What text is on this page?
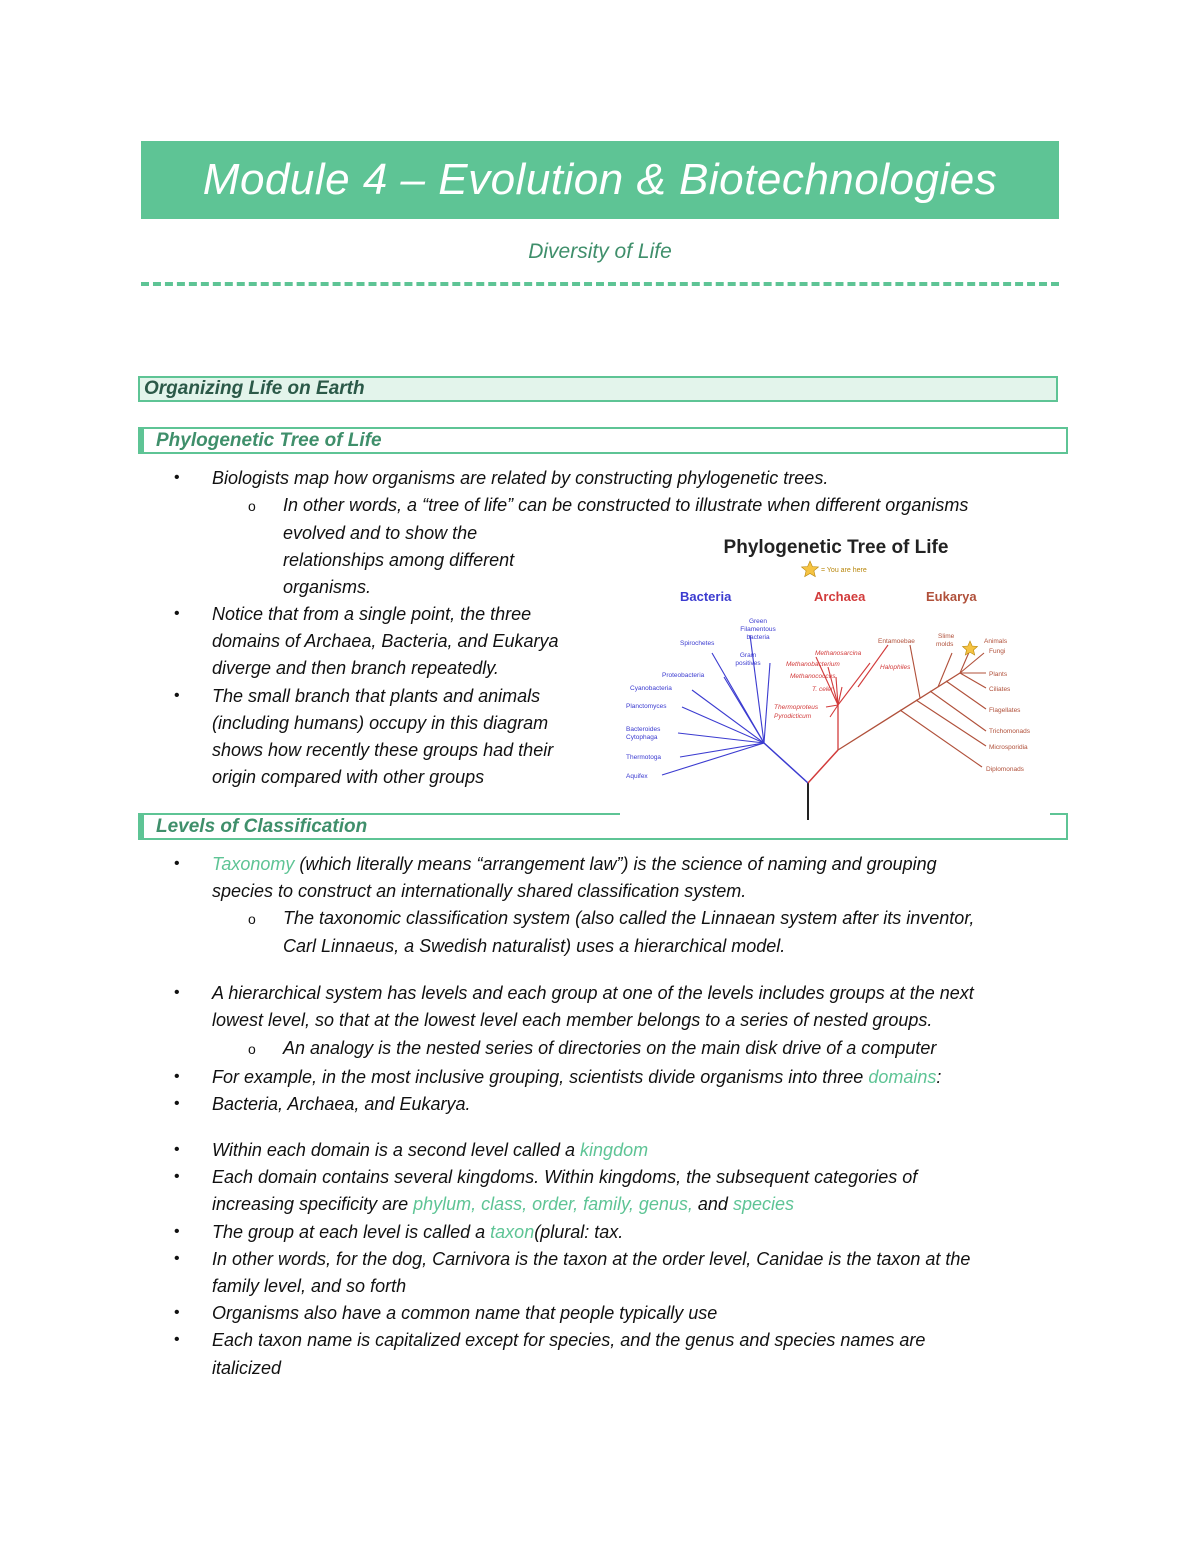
Module 4 – Evolution & Biotechnologies
Diversity of Life
Organizing Life on Earth
Phylogenetic Tree of Life
• Biologists map how organisms are related by constructing phylogenetic trees.
o In other words, a “tree of life” can be constructed to illustrate when different organisms
evolved and to show the
relationships among different
organisms.
• Notice that from a single point, the three
domains of Archaea, Bacteria, and Eukarya
diverge and then branch repeatedly.
• The small branch that plants and animals
(including humans) occupy in this diagram
shows how recently these groups had their
origin compared with other groups
Levels of Classification
Phylogenetic Tree of Life
= You are here
Bacteria	Archaea	Eukarya
Spirochetes
Green
Filamentous
bacteria
Gram
positives
Proteobacteria
Cyanobacteria
Planctomyces
Bacteroides
Cytophaga
Thermotoga
Aquifex
Methanosarcina
Methanobacterium
Methanococcus
T. celer
Thermoproteus
Pyrodicticum
Halophiles
Entamoebae
Slime
molds	Animals
Fungi
Plants
Ciliates
Flagellates
Trichomonads
Microsporidia
Diplomonads
• Taxonomy (which literally means “arrangement law”) is the science of naming and grouping
species to construct an internationally shared classification system.
o The taxonomic classification system (also called the Linnaean system after its inventor,
Carl Linnaeus, a Swedish naturalist) uses a hierarchical model.
• A hierarchical system has levels and each group at one of the levels includes groups at the next
lowest level, so that at the lowest level each member belongs to a series of nested groups.
o An analogy is the nested series of directories on the main disk drive of a computer
• For example, in the most inclusive grouping, scientists divide organisms into three domains:
• Bacteria, Archaea, and Eukarya.
• Within each domain is a second level called a kingdom
• Each domain contains several kingdoms. Within kingdoms, the subsequent categories of
increasing specificity are phylum, class, order, family, genus, and species
• The group at each level is called a taxon(plural: tax.
• In other words, for the dog, Carnivora is the taxon at the order level, Canidae is the taxon at the
family level, and so forth
• Organisms also have a common name that people typically use
• Each taxon name is capitalized except for species, and the genus and species names are
italicized
